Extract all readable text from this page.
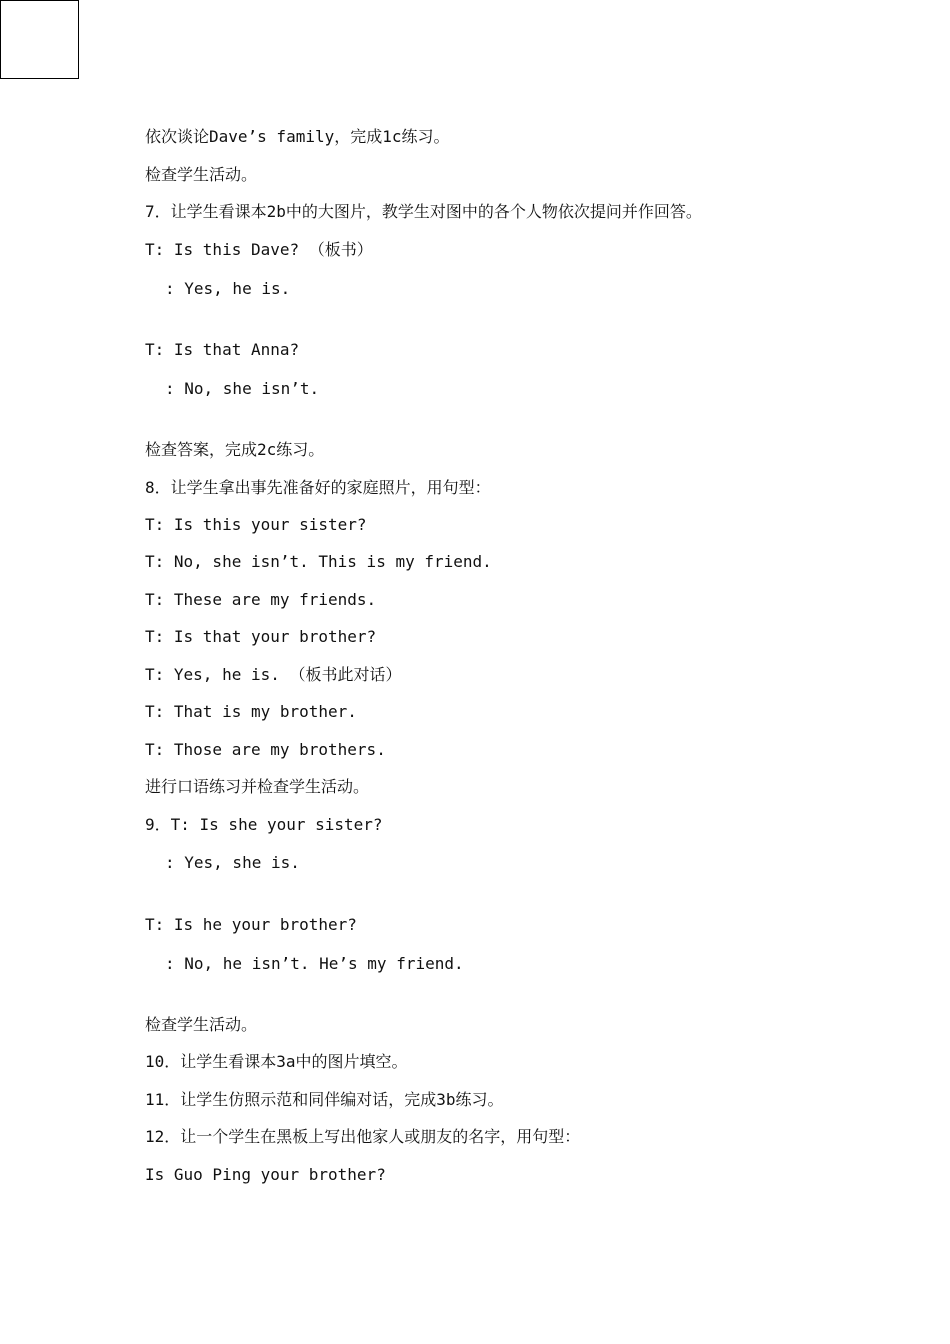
依次谈论Dave’s family，完成1c练习。
检查学生活动。
7．让学生看课本2b中的大图片，教学生对图中的各个人物依次提问并作回答。
T: Is this Dave? （板书）
: Yes, he is.
T: Is that Anna?
: No, she isn’t.
检查答案，完成2c练习。
8．让学生拿出事先准备好的家庭照片，用句型：
T: Is this your sister?
T: No, she isn’t. This is my friend.
T: These are my friends.
T: Is that your brother?
T: Yes, he is. （板书此对话）
T: That is my brother.
T: Those are my brothers.
进行口语练习并检查学生活动。
9．T: Is she your sister?
: Yes, she is.
T: Is he your brother?
: No, he isn’t. He’s my friend.
检查学生活动。
10．让学生看课本3a中的图片填空。
11．让学生仿照示范和同伴编对话，完成3b练习。
12．让一个学生在黑板上写出他家人或朋友的名字，用句型：
Is Guo Ping your brother?
